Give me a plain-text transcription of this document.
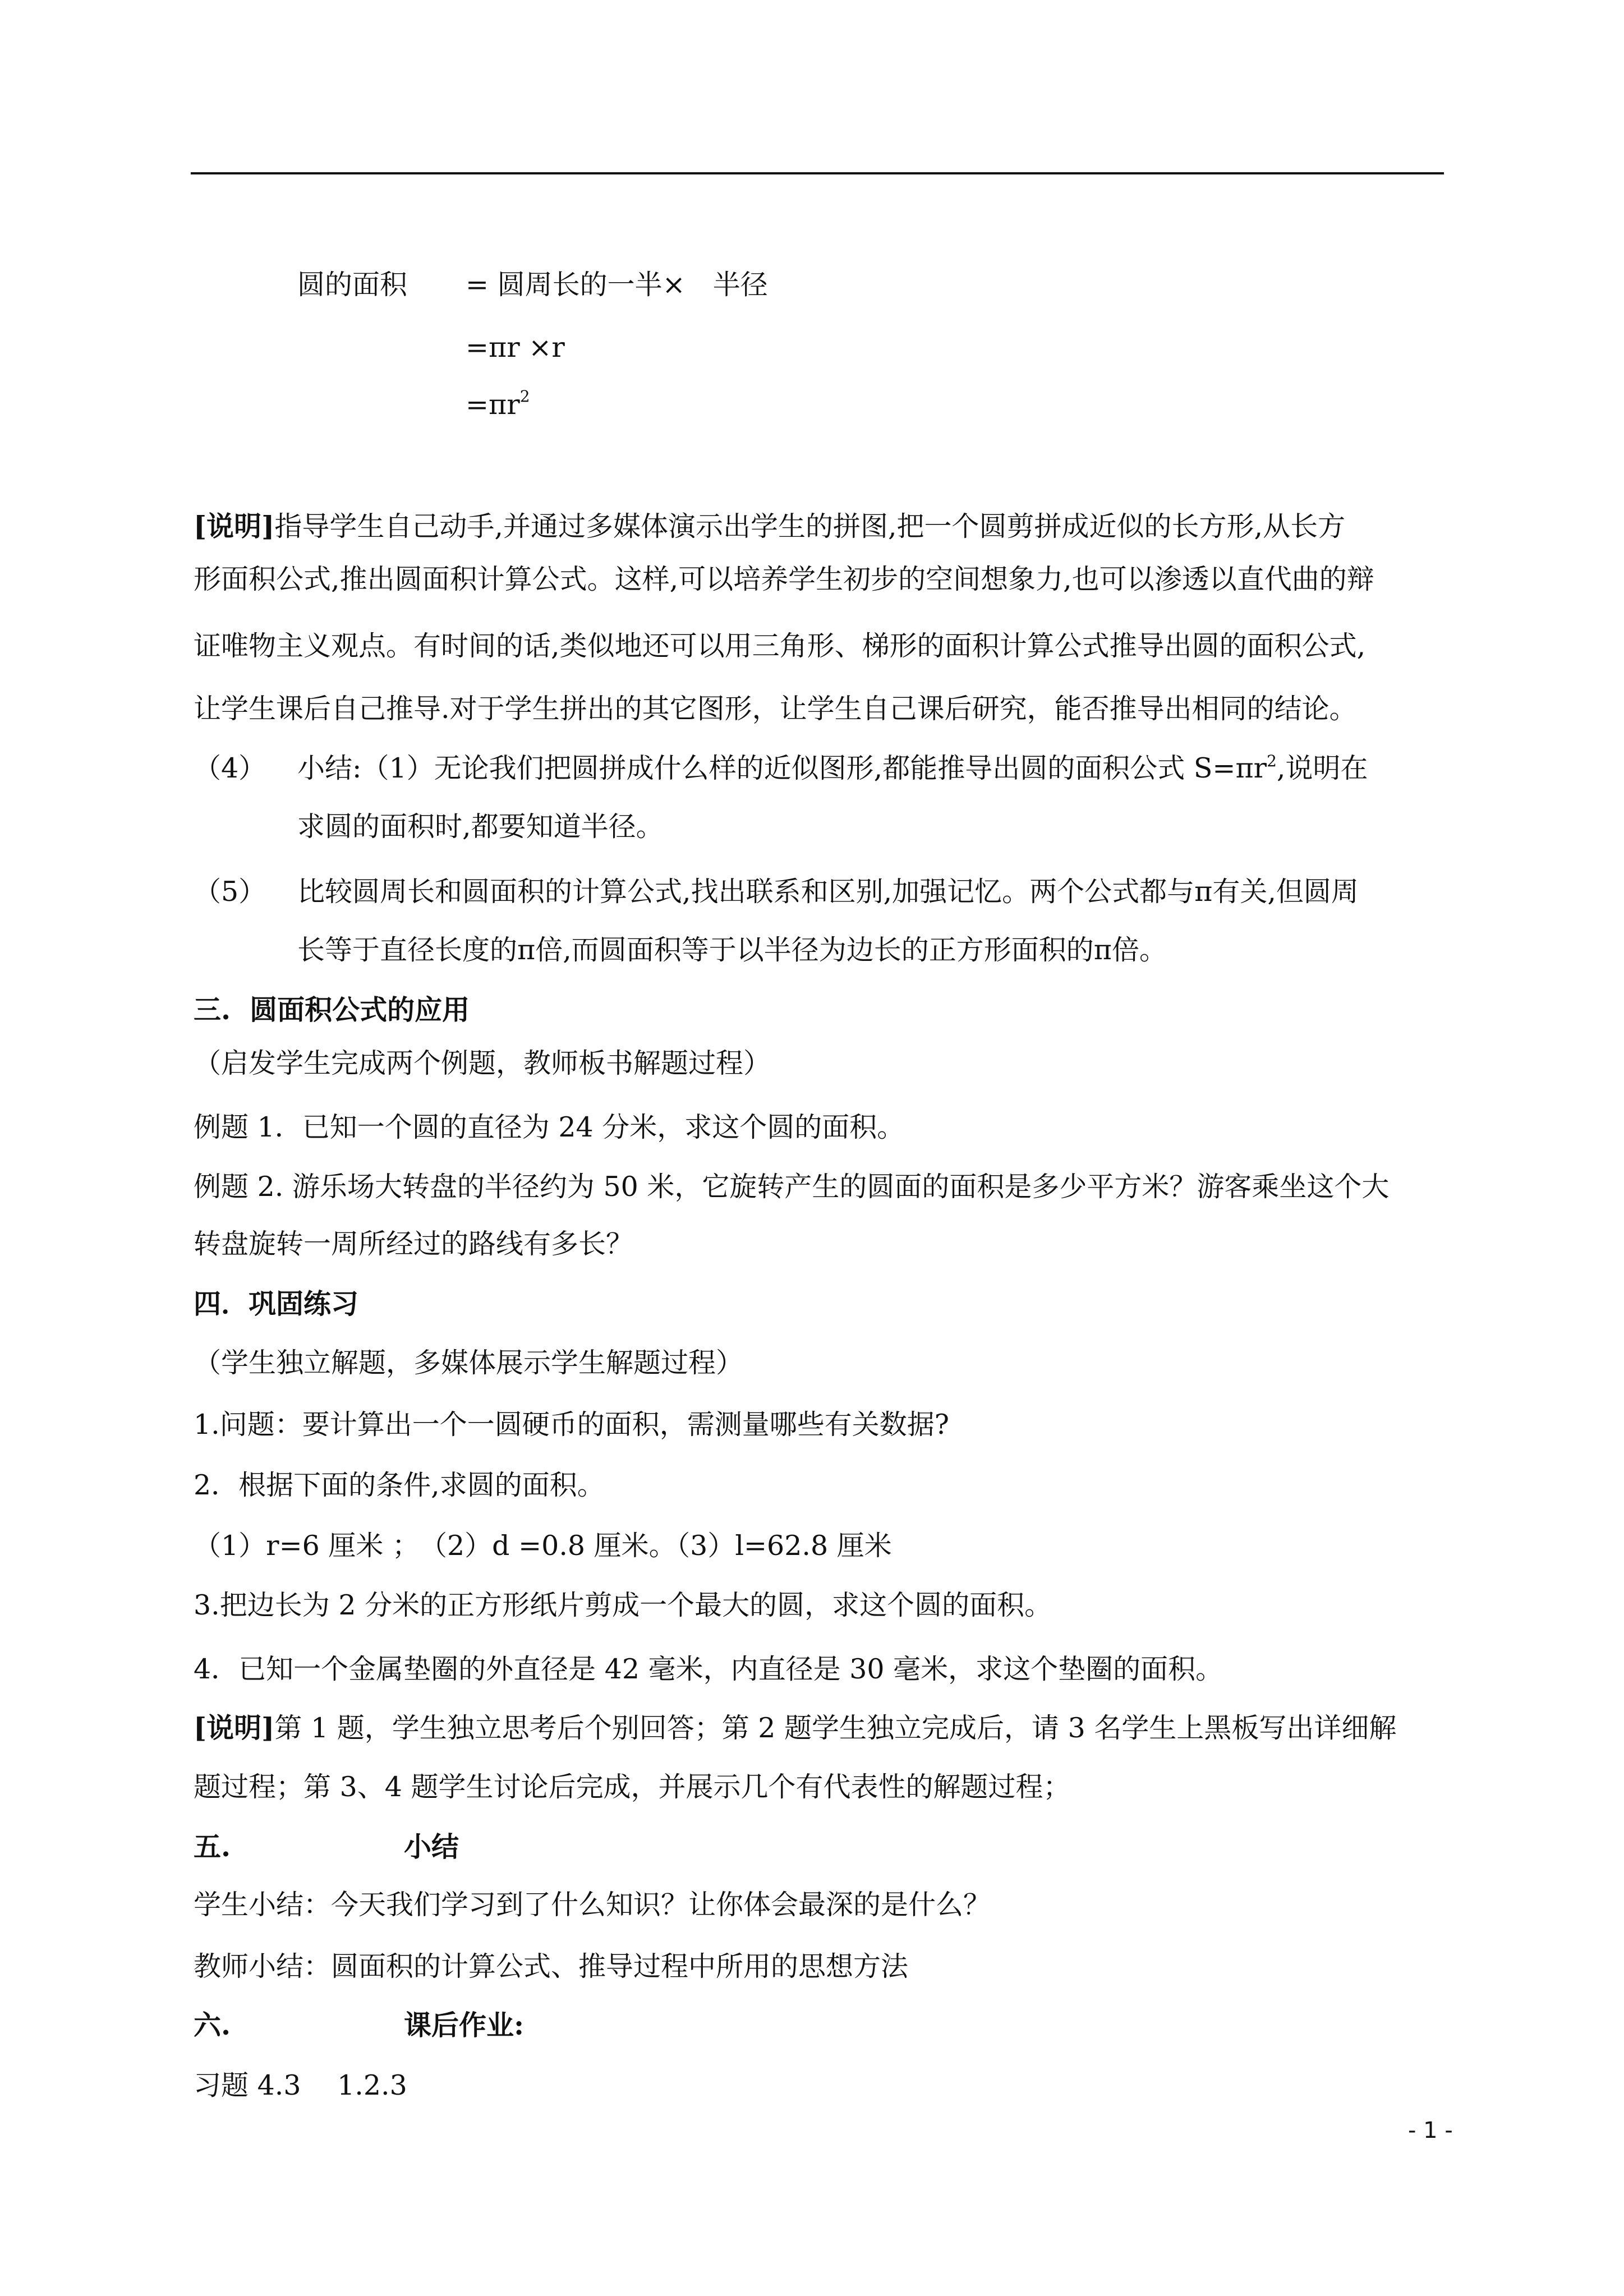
圆的面积 = 圆周长的一半×　半径
=πr ×r
$=\pi r^2$
[说明]指导学生自己动手,并通过多媒体演示出学生的拼图,把一个圆剪拼成近似的长方形,从长方
形面积公式,推出圆面积计算公式。这样,可以培养学生初步的空间想象力,也可以渗透以直代曲的辩
证唯物主义观点。有时间的话,类似地还可以用三角形、梯形的面积计算公式推导出圆的面积公式,
让学生课后自己推导.对于学生拼出的其它图形，让学生自己课后研究，能否推导出相同的结论。
（4） 小结:（1）无论我们把圆拼成什么样的近似图形,都能推导出圆的面积公式 $S=\pi r^2$,说明在
求圆的面积时,都要知道半径。
（5） 比较圆周长和圆面积的计算公式,找出联系和区别,加强记忆。两个公式都与π有关,但圆周
长等于直径长度的π倍,而圆面积等于以半径为边长的正方形面积的π倍。
三.  圆面积公式的应用
（启发学生完成两个例题，教师板书解题过程）
例题 1．已知一个圆的直径为 24 分米，求这个圆的面积。
例题 2. 游乐场大转盘的半径约为 50 米，它旋转产生的圆面的面积是多少平方米？游客乘坐这个大
转盘旋转一周所经过的路线有多长？
四．巩固练习
（学生独立解题，多媒体展示学生解题过程）
1.问题：要计算出一个一圆硬币的面积，需测量哪些有关数据?
2．根据下面的条件,求圆的面积。
（1）r=6 厘米 ；　（2）d =0.8 厘米。（3）l=62.8 厘米
3.把边长为 2 分米的正方形纸片剪成一个最大的圆，求这个圆的面积。
4．已知一个金属垫圈的外直径是 42 毫米，内直径是 30 毫米，求这个垫圈的面积。
[说明]第 1 题，学生独立思考后个别回答；第 2 题学生独立完成后，请 3 名学生上黑板写出详细解
题过程；第 3、4 题学生讨论后完成，并展示几个有代表性的解题过程；
五.	小结
学生小结：今天我们学习到了什么知识？让你体会最深的是什么？
教师小结：圆面积的计算公式、推导过程中所用的思想方法
六.	课后作业:
习题 4.3　 1.2.3
- 1 -
